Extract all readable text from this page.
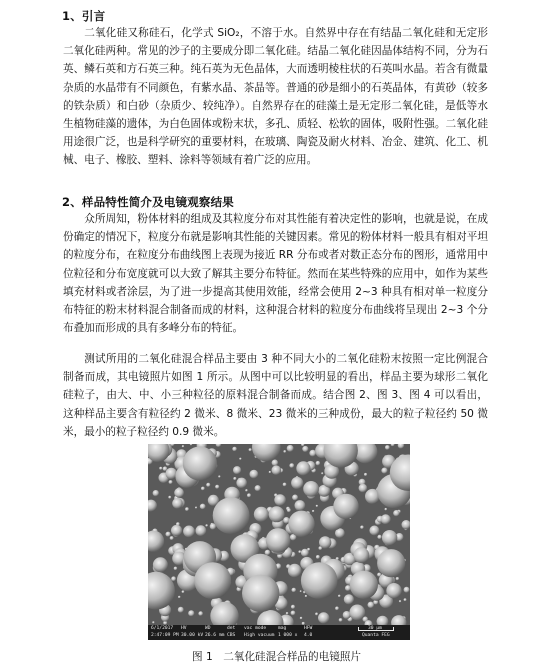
1、引言

二氧化硅又称硅石，化学式 SiO₂，不溶于水。自然界中存在有结晶二氧化硅和无定形二氧化硅两种。常见的沙子的主要成分即二氧化硅。结晶二氧化硅因晶体结构不同，分为石英、鳞石英和方石英三种。纯石英为无色晶体，大而透明棱柱状的石英叫水晶。若含有微量杂质的水晶带有不同颜色，有紫水晶、茶晶等。普通的砂是细小的石英晶体，有黄砂（较多的铁杂质）和白砂（杂质少、较纯净）。自然界存在的硅藻土是无定形二氧化硅，是低等水生植物硅藻的遗体，为白色固体或粉末状，多孔、质轻、松软的固体，吸附性强。二氧化硅用途很广泛，也是科学研究的重要材料，在玻璃、陶瓷及耐火材料、冶金、建筑、化工、机械、电子、橡胶、塑料、涂料等领域有着广泛的应用。

2、样品特性简介及电镜观察结果

众所周知，粉体材料的组成及其粒度分布对其性能有着决定性的影响，也就是说，在成份确定的情况下，粒度分布就是影响其性能的关键因素。常见的粉体材料一般具有相对平坦的粒度分布，在粒度分布曲线图上表现为接近 RR 分布或者对数正态分布的图形，通常用中位粒径和分布宽度就可以大致了解其主要分布特征。然而在某些特殊的应用中，如作为某些填充材料或者涂层，为了进一步提高其使用效能，经常会使用 2~3 种具有相对单一粒度分布特征的粉末材料混合制备而成的材料，这种混合材料的粒度分布曲线将呈现出 2~3 个分布叠加而形成的具有多峰分布的特征。

测试所用的二氧化硅混合样品主要由 3 种不同大小的二氧化硅粉末按照一定比例混合制备而成，其电镜照片如图 1 所示。从图中可以比较明显的看出，样品主要为球形二氧化硅粒子，由大、中、小三种粒径的原料混合制备而成。结合图 2、图 3、图 4 可以看出，这种样品主要含有粒径约 2 微米、8 微米、23 微米的三种成份，最大的粒子粒径约 50 微米，最小的粒子粒径约 0.9 微米。

6/1/2017
2:47:09 PM
HV
30.00 kV
WD
26.6 mm
det
CBS
vac mode
High vacuum
mag
1 000 x
HFW
4.0
30 μm
Quanta FEG
图 1　二氧化硅混合样品的电镜照片
